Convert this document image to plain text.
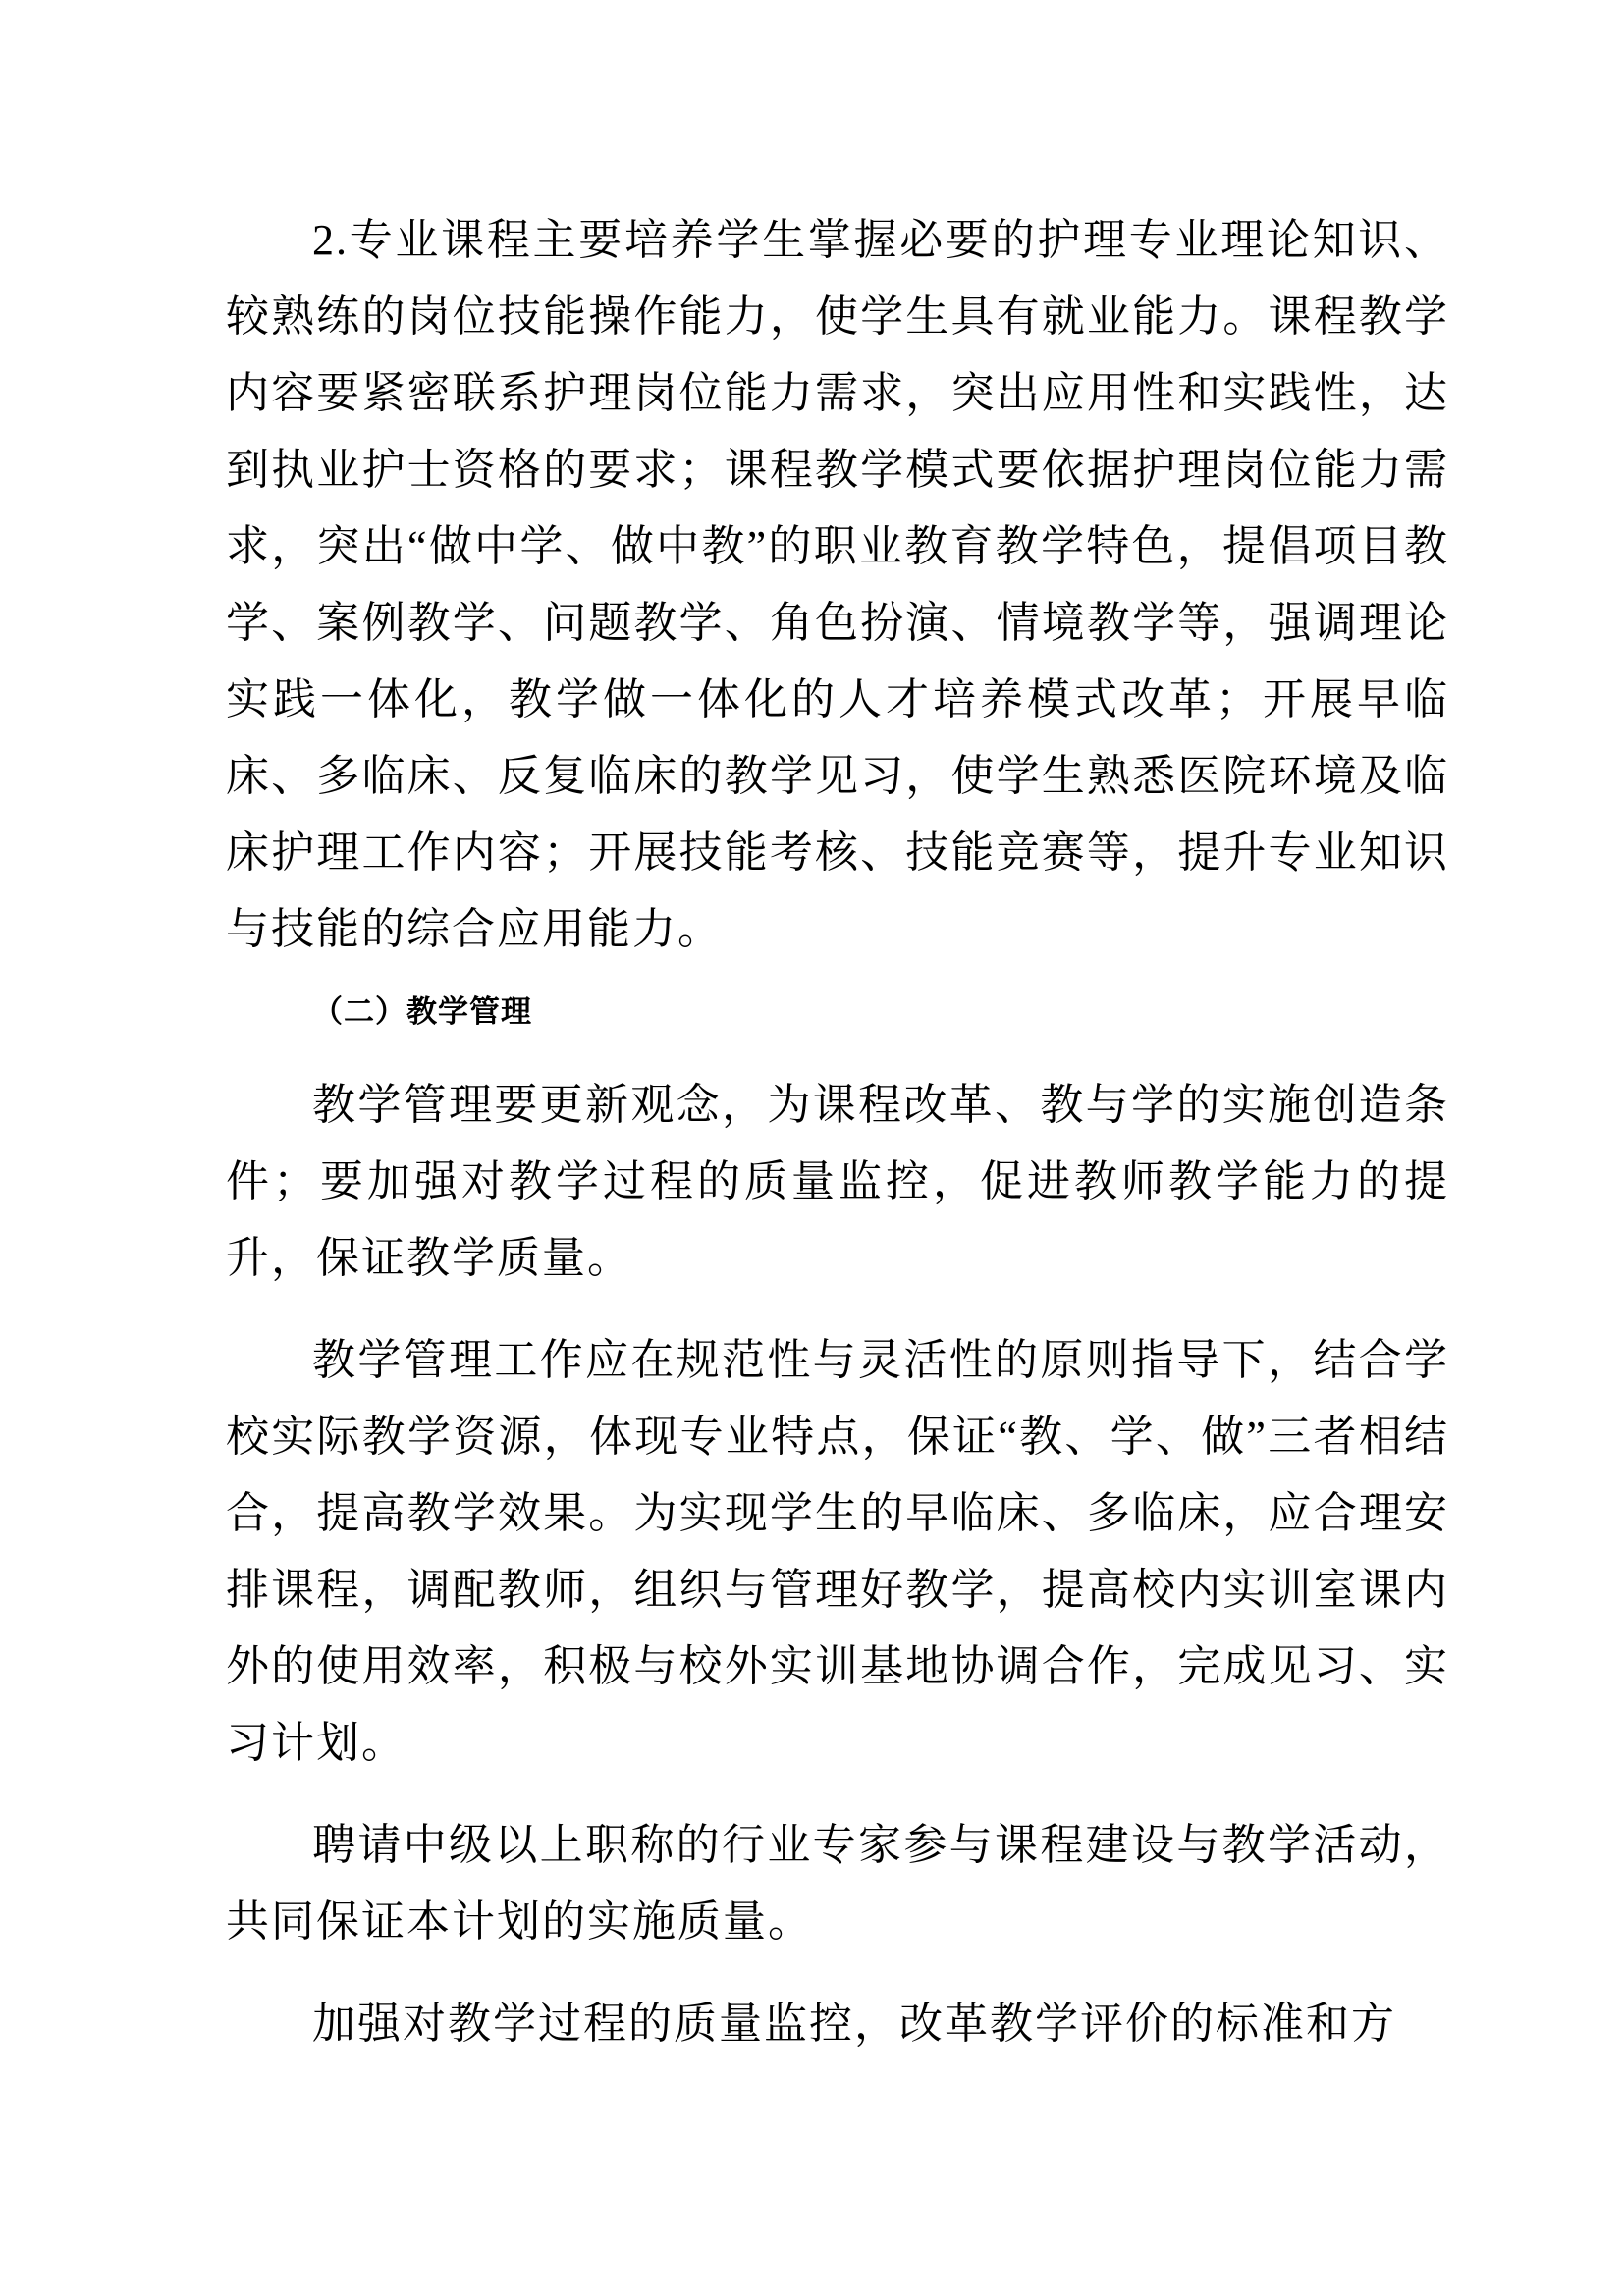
2.专业课程主要培养学生掌握必要的护理专业理论知识、较熟练的岗位技能操作能力，使学生具有就业能力。课程教学内容要紧密联系护理岗位能力需求，突出应用性和实践性，达到执业护士资格的要求；课程教学模式要依据护理岗位能力需求，突出“做中学、做中教”的职业教育教学特色，提倡项目教学、案例教学、问题教学、角色扮演、情境教学等，强调理论实践一体化，教学做一体化的人才培养模式改革；开展早临床、多临床、反复临床的教学见习，使学生熟悉医院环境及临床护理工作内容；开展技能考核、技能竞赛等，提升专业知识与技能的综合应用能力。

（二）教学管理

教学管理要更新观念，为课程改革、教与学的实施创造条件；要加强对教学过程的质量监控，促进教师教学能力的提升，保证教学质量。

教学管理工作应在规范性与灵活性的原则指导下，结合学校实际教学资源，体现专业特点，保证“教、学、做”三者相结合，提高教学效果。为实现学生的早临床、多临床，应合理安排课程，调配教师，组织与管理好教学，提高校内实训室课内外的使用效率，积极与校外实训基地协调合作，完成见习、实习计划。

聘请中级以上职称的行业专家参与课程建设与教学活动，共同保证本计划的实施质量。

加强对教学过程的质量监控，改革教学评价的标准和方
